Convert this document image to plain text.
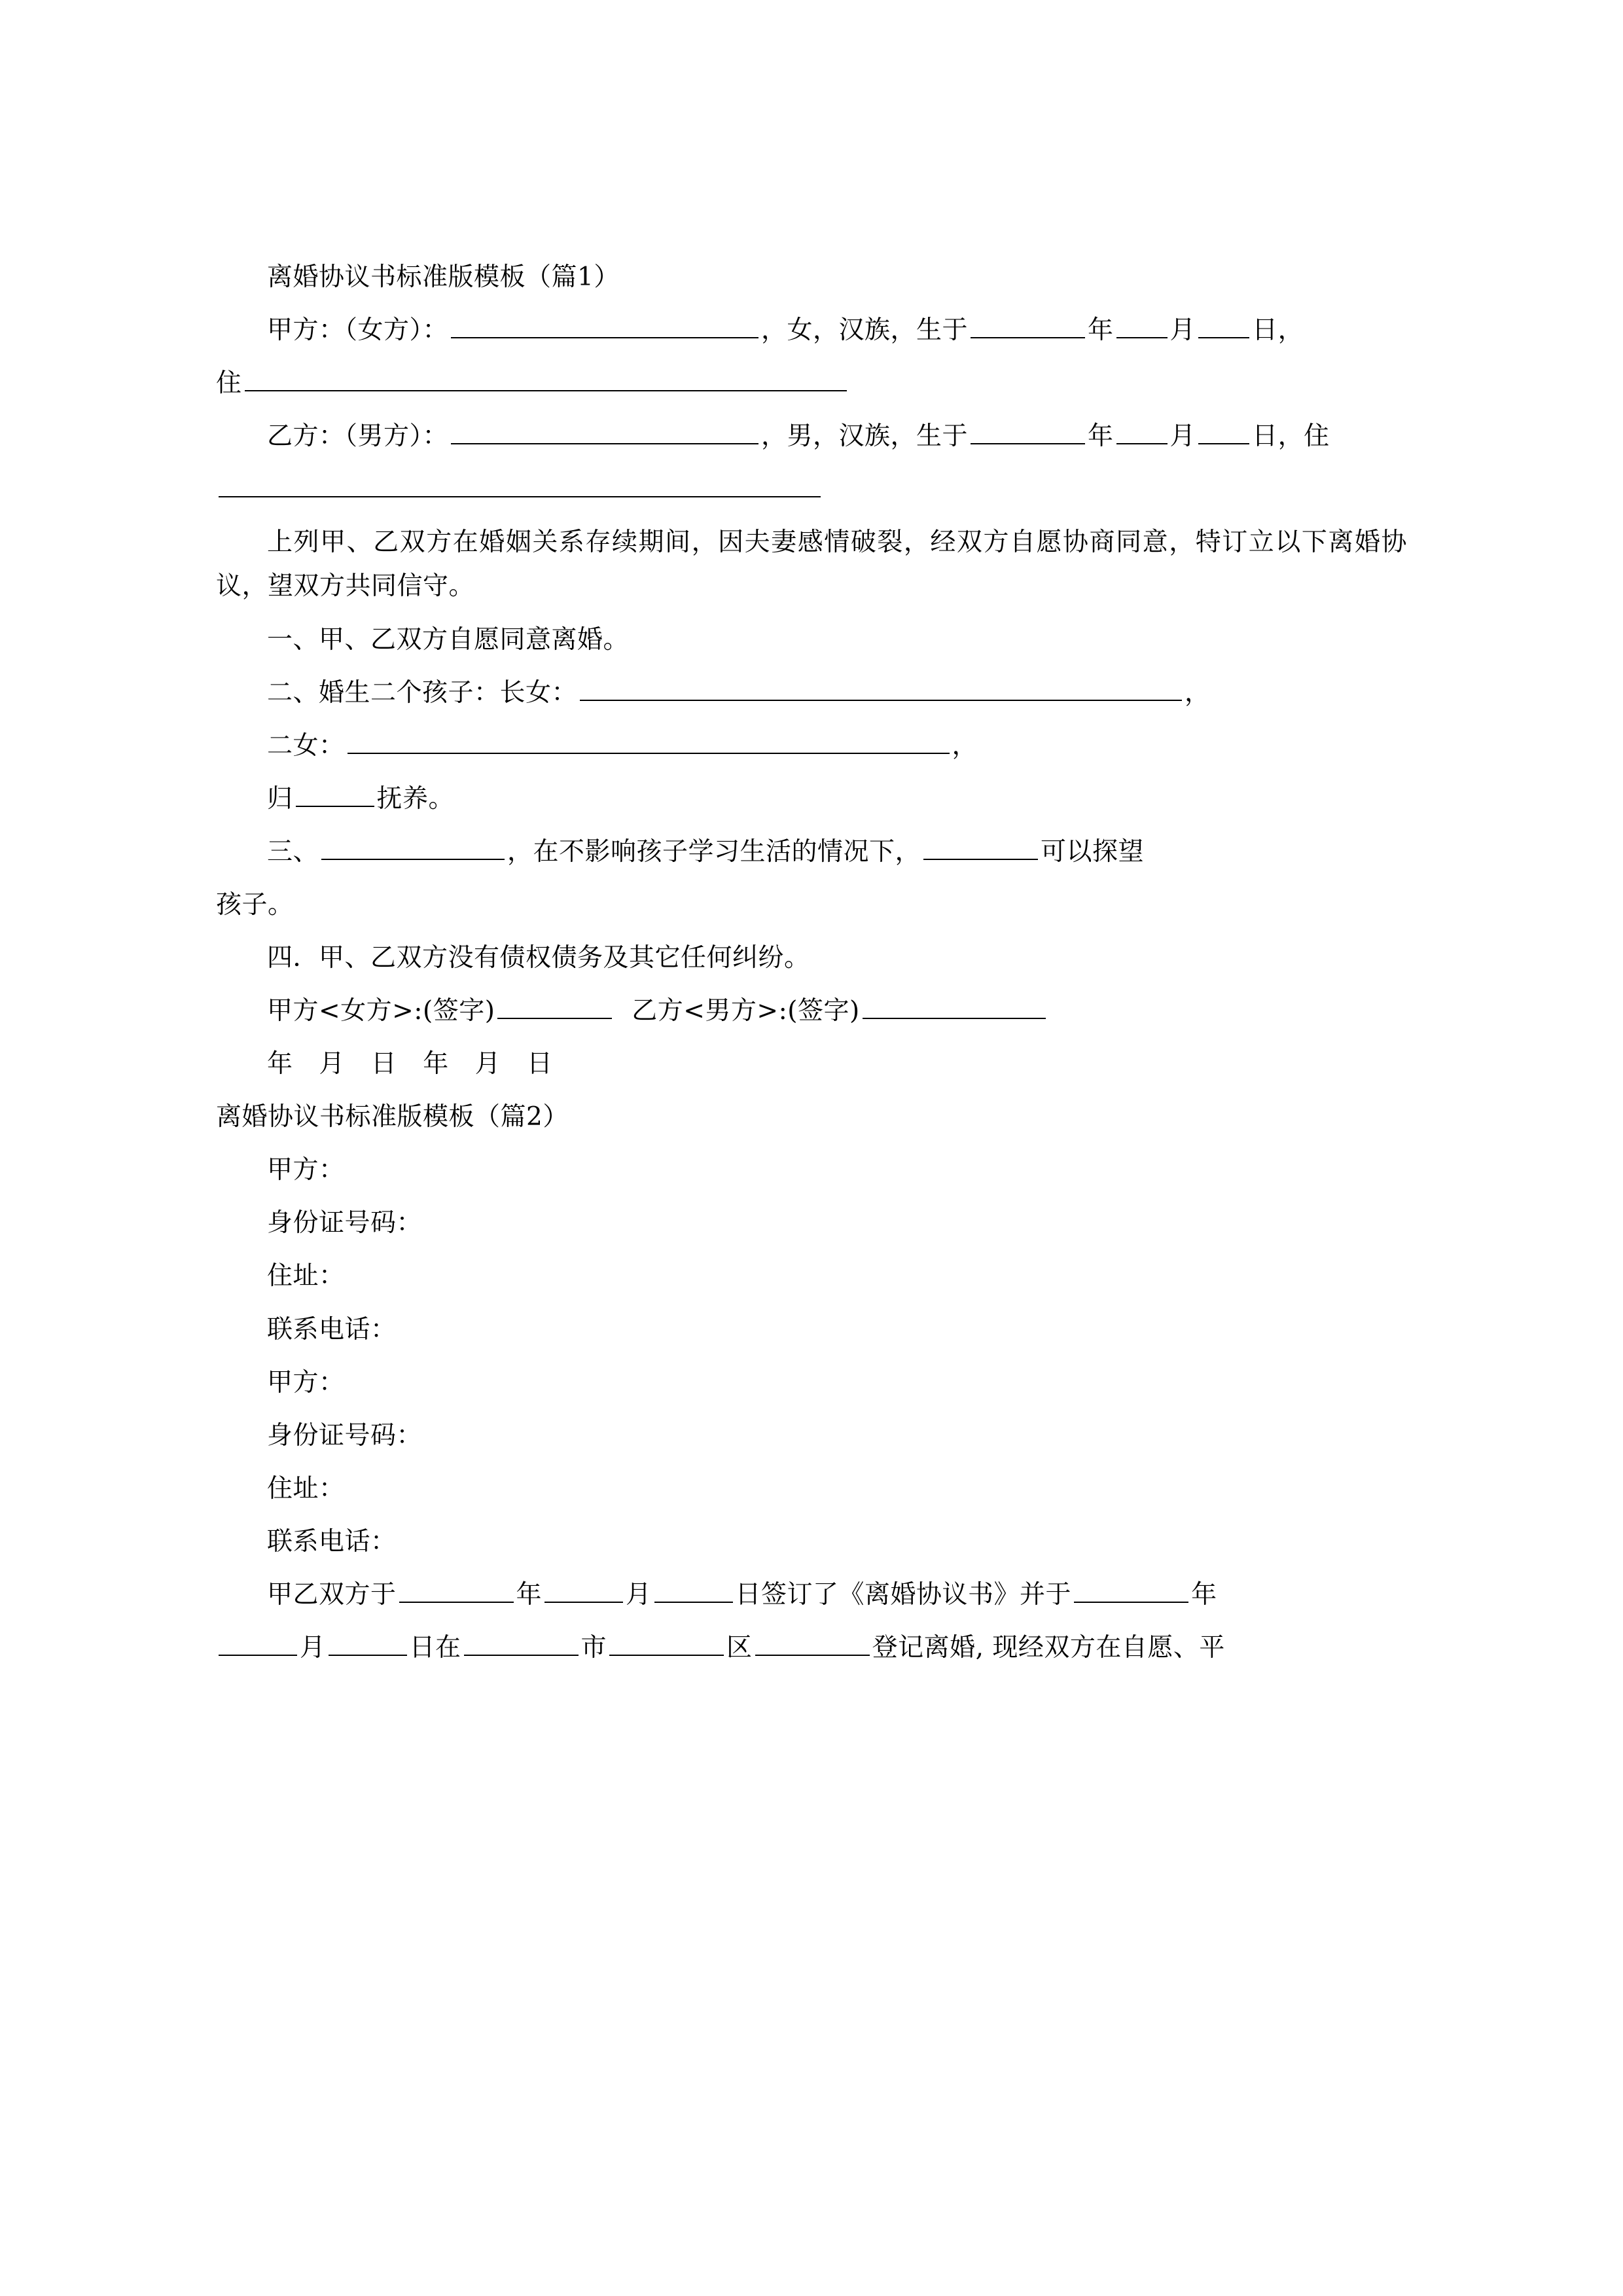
离婚协议书标准版模板（篇1）

甲方：（女方）：	，女，汉族，生于	年 月 日，

住

乙方：（男方）：	，男，汉族，生于	年 月 日，住

上列甲、乙双方在婚姻关系存续期间，因夫妻感情破裂，经双方自愿协商同意，特订立以下离婚协议，望双方共同信守。

一、甲、乙双方自愿同意离婚。

二、婚生二个孩子：长女：	，

二女：	，

归	抚养。

三、	，在不影响孩子学习生活的情况下，	可以探望

孩子。

四．甲、乙双方没有债权债务及其它任何纠纷。

甲方<女方>:(签字)	乙方<男方>:(签字)

年 月 日 年 月 日

离婚协议书标准版模板（篇2）

甲方：

身份证号码：

住址：

联系电话：

甲方：

身份证号码：

住址：

联系电话：

甲乙双方于	年	月	日签订了《离婚协议书》并于	年

月	日在	市	区	登记离婚, 现经双方在自愿、平
